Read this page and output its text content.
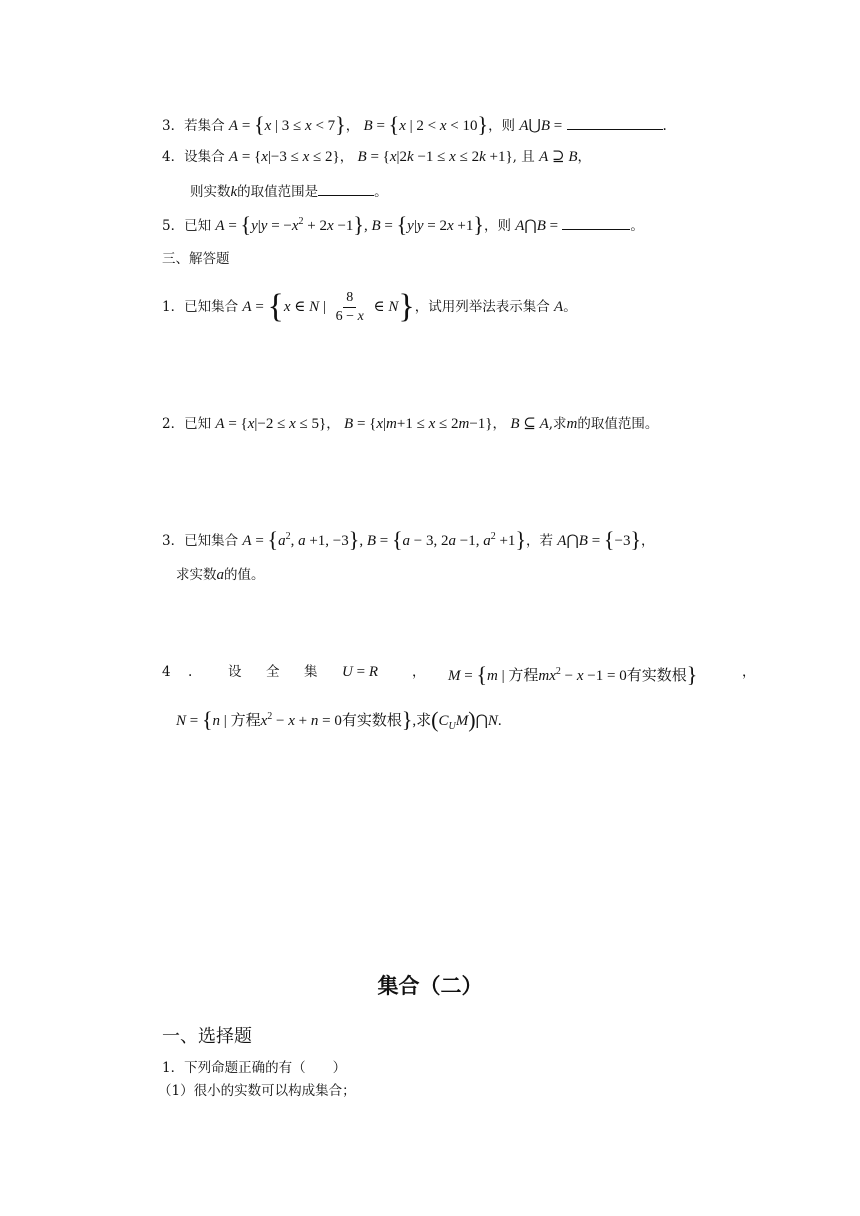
3．若集合 A = {x | 3 ≤ x < 7}， B = {x | 2 < x < 10}，则 A⋃B =	.
4．设集合 A = {x|−3 ≤ x ≤ 2}， B = {x|2k −1 ≤ x ≤ 2k +1}, 且 A ⊇ B，
则实数k的取值范围是	。
5．已知 $A = \{y|y = -x^2 + 2x -1\}$, B = {y|y = 2x +1}，则 A⋂B =	。
三、解答题
1．已知集合 A = {x ∈ N | $\frac{8}{6 - x}$ ∈ N}，试用列举法表示集合 A。
2．已知 A = {x|−2 ≤ x ≤ 5}， B = {x|m+1 ≤ x ≤ 2m−1}， B ⊆ A,求m的取值范围。
3．已知集合 $A = \{a^2$, a +1, −3}, B = {a − 3, 2a −1, $a^2 +1$}，若 A⋂B = {−3}，
求实数a的值。
4 .	设 全 集 U = R	， M = {m | 方程$mx^2 - x -1 = 0$有实数根}	，
N = {n | 方程$x^2 - x + n = 0$有实数根},求$(C_UM)⋂N$.
集合（二）
一、选择题
1．下列命题正确的有（　　）
（1）很小的实数可以构成集合；
